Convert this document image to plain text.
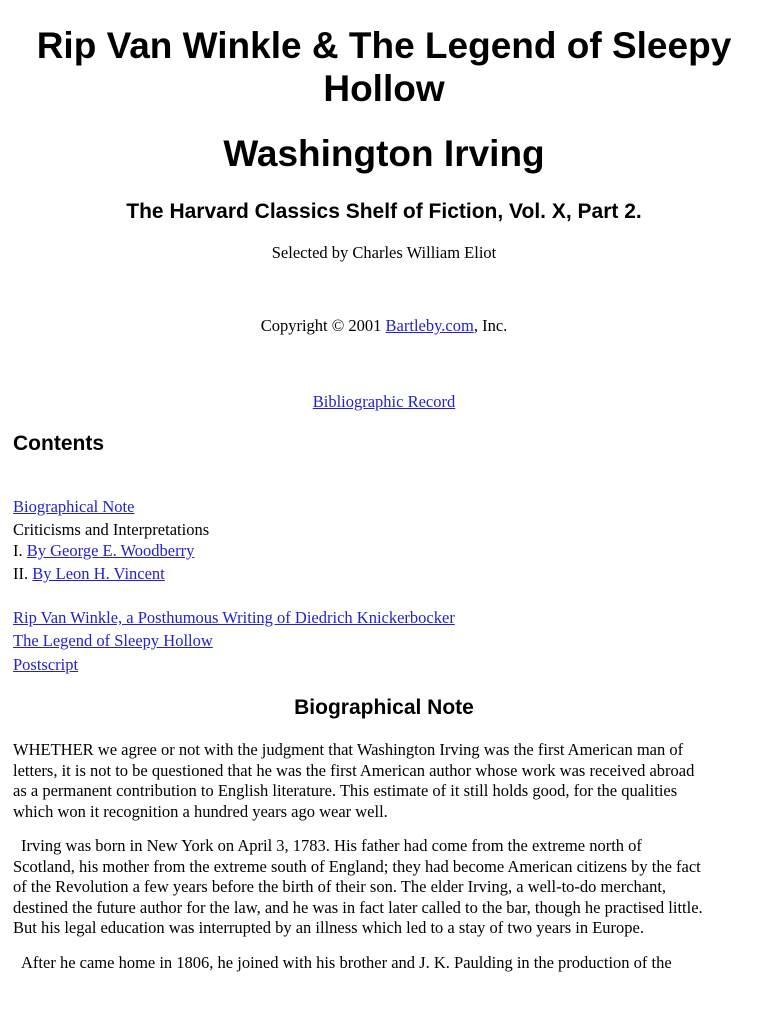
Rip Van Winkle & The Legend of Sleepy
Hollow
Washington Irving
The Harvard Classics Shelf of Fiction, Vol. X, Part 2.
Selected by Charles William Eliot
Copyright © 2001 Bartleby.com, Inc.
Bibliographic Record
Contents
Biographical Note
Criticisms and Interpretations
I. By George E. Woodberry
II. By Leon H. Vincent
Rip Van Winkle, a Posthumous Writing of Diedrich Knickerbocker
The Legend of Sleepy Hollow
Postscript
Biographical Note

WHETHER we agree or not with the judgment that Washington Irving was the first American man of
letters, it is not to be questioned that he was the first American author whose work was received abroad
as a permanent contribution to English literature. This estimate of it still holds good, for the qualities
which won it recognition a hundred years ago wear well.

Irving was born in New York on April 3, 1783. His father had come from the extreme north of
Scotland, his mother from the extreme south of England; they had become American citizens by the fact
of the Revolution a few years before the birth of their son. The elder Irving, a well-to-do merchant,
destined the future author for the law, and he was in fact later called to the bar, though he practised little.
But his legal education was interrupted by an illness which led to a stay of two years in Europe.

After he came home in 1806, he joined with his brother and J. K. Paulding in the production of the
